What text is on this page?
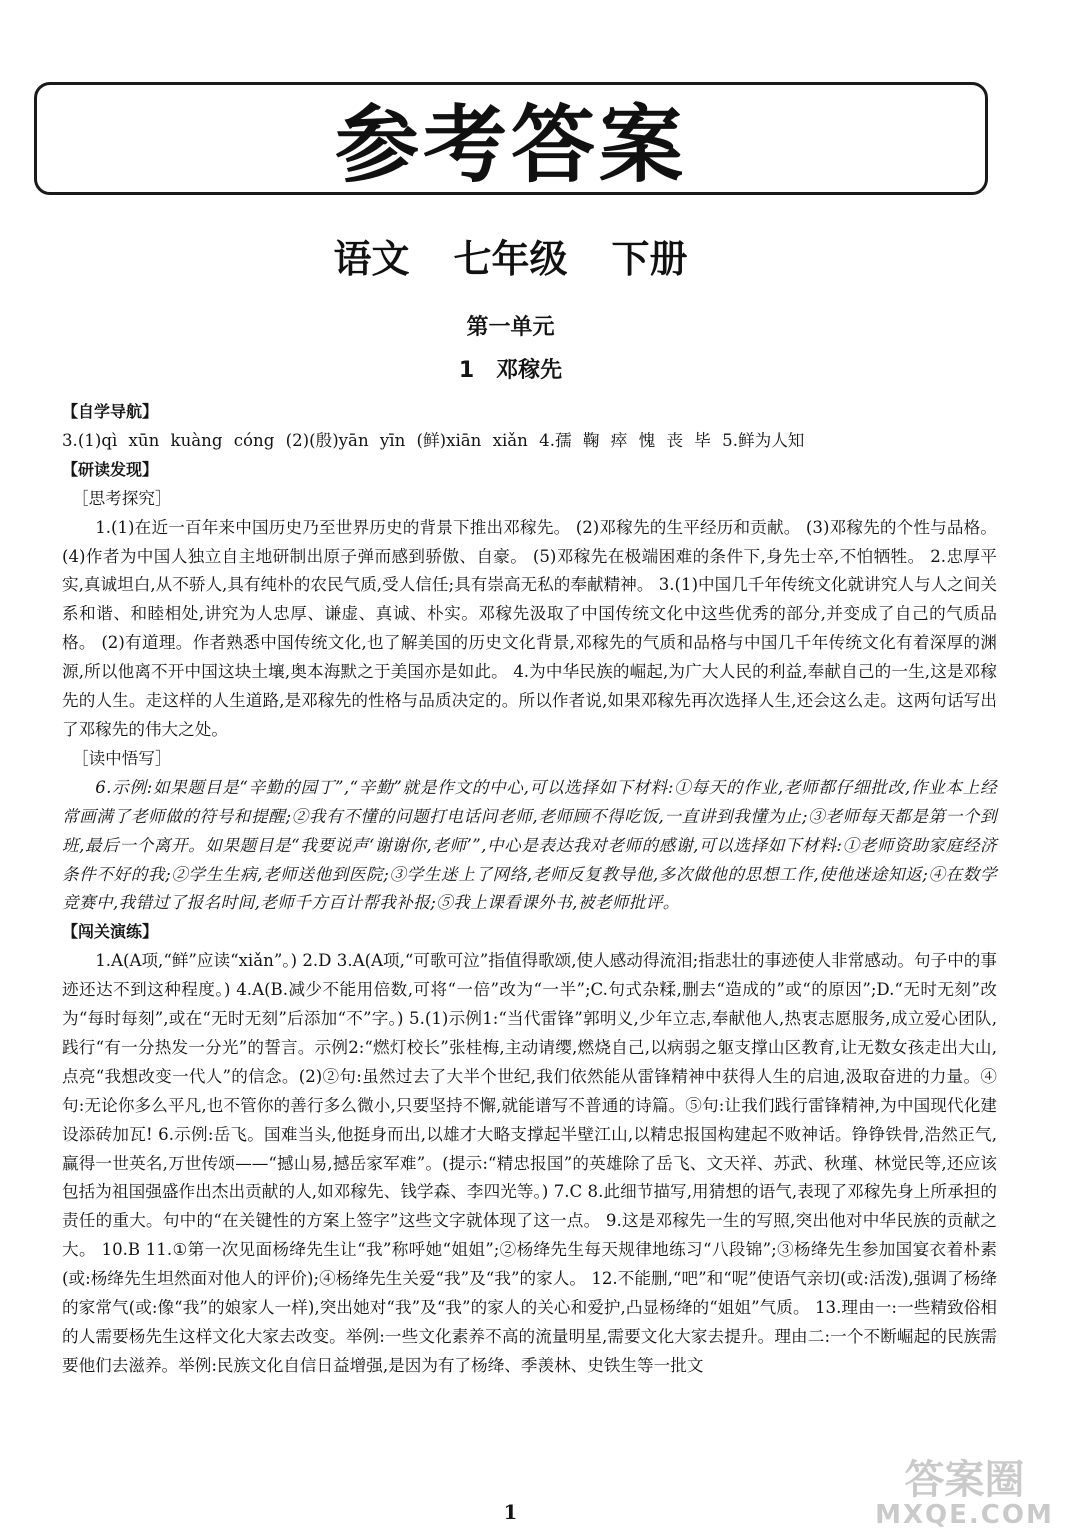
参考答案
语文 七年级 下册
第一单元
1 邓稼先

【自学导航】

3.(1)qì xūn kuàng cóng (2)(殷)yān yīn (鲜)xiān xiǎn 4.孺 鞠 瘁 愧 丧 毕 5.鲜为人知

【研读发现】

［思考探究］

1.(1)在近一百年来中国历史乃至世界历史的背景下推出邓稼先。 (2)邓稼先的生平经历和贡献。 (3)邓稼先的个性与品格。 (4)作者为中国人独立自主地研制出原子弹而感到骄傲、自豪。 (5)邓稼先在极端困难的条件下,身先士卒,不怕牺牲。 2.忠厚平实,真诚坦白,从不骄人,具有纯朴的农民气质,受人信任;具有崇高无私的奉献精神。 3.(1)中国几千年传统文化就讲究人与人之间关系和谐、和睦相处,讲究为人忠厚、谦虚、真诚、朴实。邓稼先汲取了中国传统文化中这些优秀的部分,并变成了自己的气质品格。 (2)有道理。作者熟悉中国传统文化,也了解美国的历史文化背景,邓稼先的气质和品格与中国几千年传统文化有着深厚的渊源,所以他离不开中国这块土壤,奥本海默之于美国亦是如此。 4.为中华民族的崛起,为广大人民的利益,奉献自己的一生,这是邓稼先的人生。走这样的人生道路,是邓稼先的性格与品质决定的。所以作者说,如果邓稼先再次选择人生,还会这么走。这两句话写出了邓稼先的伟大之处。

［读中悟写］

6.示例:如果题目是“辛勤的园丁”,“辛勤”就是作文的中心,可以选择如下材料:①每天的作业,老师都仔细批改,作业本上经常画满了老师做的符号和提醒;②我有不懂的问题打电话问老师,老师顾不得吃饭,一直讲到我懂为止;③老师每天都是第一个到班,最后一个离开。如果题目是“我要说声‘谢谢你,老师’”,中心是表达我对老师的感谢,可以选择如下材料:①老师资助家庭经济条件不好的我;②学生生病,老师送他到医院;③学生迷上了网络,老师反复教导他,多次做他的思想工作,使他迷途知返;④在数学竞赛中,我错过了报名时间,老师千方百计帮我补报;⑤我上课看课外书,被老师批评。

【闯关演练】

1.A(A项,“鲜”应读“xiǎn”。) 2.D 3.A(A项,“可歌可泣”指值得歌颂,使人感动得流泪;指悲壮的事迹使人非常感动。句子中的事迹还达不到这种程度。) 4.A(B.减少不能用倍数,可将“一倍”改为“一半”;C.句式杂糅,删去“造成的”或“的原因”;D.“无时无刻”改为“每时每刻”,或在“无时无刻”后添加“不”字。) 5.(1)示例1:“当代雷锋”郭明义,少年立志,奉献他人,热衷志愿服务,成立爱心团队,践行“有一分热发一分光”的誓言。示例2:“燃灯校长”张桂梅,主动请缨,燃烧自己,以病弱之躯支撑山区教育,让无数女孩走出大山,点亮“我想改变一代人”的信念。(2)②句:虽然过去了大半个世纪,我们依然能从雷锋精神中获得人生的启迪,汲取奋进的力量。④句:无论你多么平凡,也不管你的善行多么微小,只要坚持不懈,就能谱写不普通的诗篇。⑤句:让我们践行雷锋精神,为中国现代化建设添砖加瓦! 6.示例:岳飞。国难当头,他挺身而出,以雄才大略支撑起半壁江山,以精忠报国构建起不败神话。铮铮铁骨,浩然正气,赢得一世英名,万世传颂——“撼山易,撼岳家军难”。(提示:“精忠报国”的英雄除了岳飞、文天祥、苏武、秋瑾、林觉民等,还应该包括为祖国强盛作出杰出贡献的人,如邓稼先、钱学森、李四光等。) 7.C 8.此细节描写,用猜想的语气,表现了邓稼先身上所承担的责任的重大。句中的“在关键性的方案上签字”这些文字就体现了这一点。 9.这是邓稼先一生的写照,突出他对中华民族的贡献之大。 10.B 11.①第一次见面杨绛先生让“我”称呼她“姐姐”;②杨绛先生每天规律地练习“八段锦”;③杨绛先生参加国宴衣着朴素(或:杨绛先生坦然面对他人的评价);④杨绛先生关爱“我”及“我”的家人。 12.不能删,“吧”和“呢”使语气亲切(或:活泼),强调了杨绛的家常气(或:像“我”的娘家人一样),突出她对“我”及“我”的家人的关心和爱护,凸显杨绛的“姐姐”气质。 13.理由一:一些精致俗相的人需要杨先生这样文化大家去改变。举例:一些文化素养不高的流量明星,需要文化大家去提升。理由二:一个不断崛起的民族需要他们去滋养。举例:民族文化自信日益增强,是因为有了杨绛、季羡林、史铁生等一批文

1
答案圈
MXQE.COM
